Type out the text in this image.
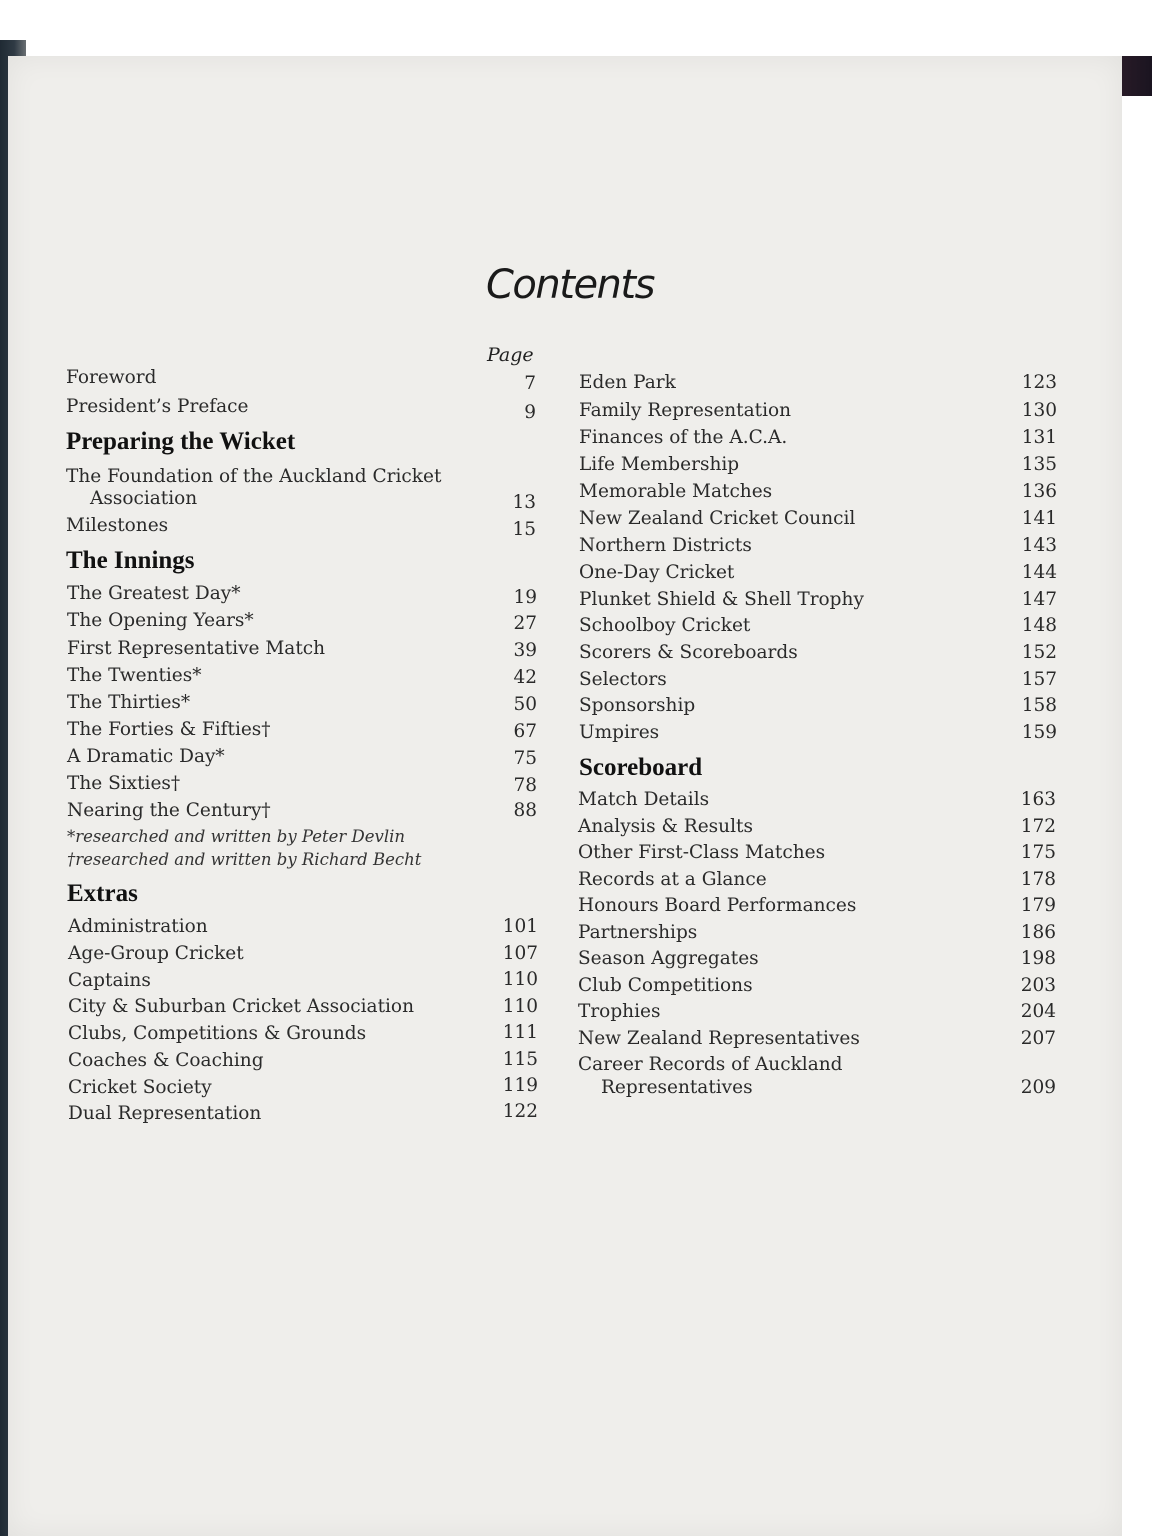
Contents
Page
Foreword	7
President’s Preface	9
Preparing the Wicket
The Foundation of the Auckland Cricket
Association	13
Milestones	15
The Innings
The Greatest Day*	19
The Opening Years*	27
First Representative Match	39
The Twenties*	42
The Thirties*	50
The Forties & Fifties†	67
A Dramatic Day*	75
The Sixties†	78
Nearing the Century†	88
*researched and written by Peter Devlin
†researched and written by Richard Becht
Extras
Administration	101
Age-Group Cricket	107
Captains	110
City & Suburban Cricket Association	110
Clubs, Competitions & Grounds	111
Coaches & Coaching	115
Cricket Society	119
Dual Representation	122
Eden Park	123
Family Representation	130
Finances of the A.C.A.	131
Life Membership	135
Memorable Matches	136
New Zealand Cricket Council	141
Northern Districts	143
One-Day Cricket	144
Plunket Shield & Shell Trophy	147
Schoolboy Cricket	148
Scorers & Scoreboards	152
Selectors	157
Sponsorship	158
Umpires	159
Scoreboard
Match Details	163
Analysis & Results	172
Other First-Class Matches	175
Records at a Glance	178
Honours Board Performances	179
Partnerships	186
Season Aggregates	198
Club Competitions	203
Trophies	204
New Zealand Representatives	207
Career Records of Auckland
Representatives	209
